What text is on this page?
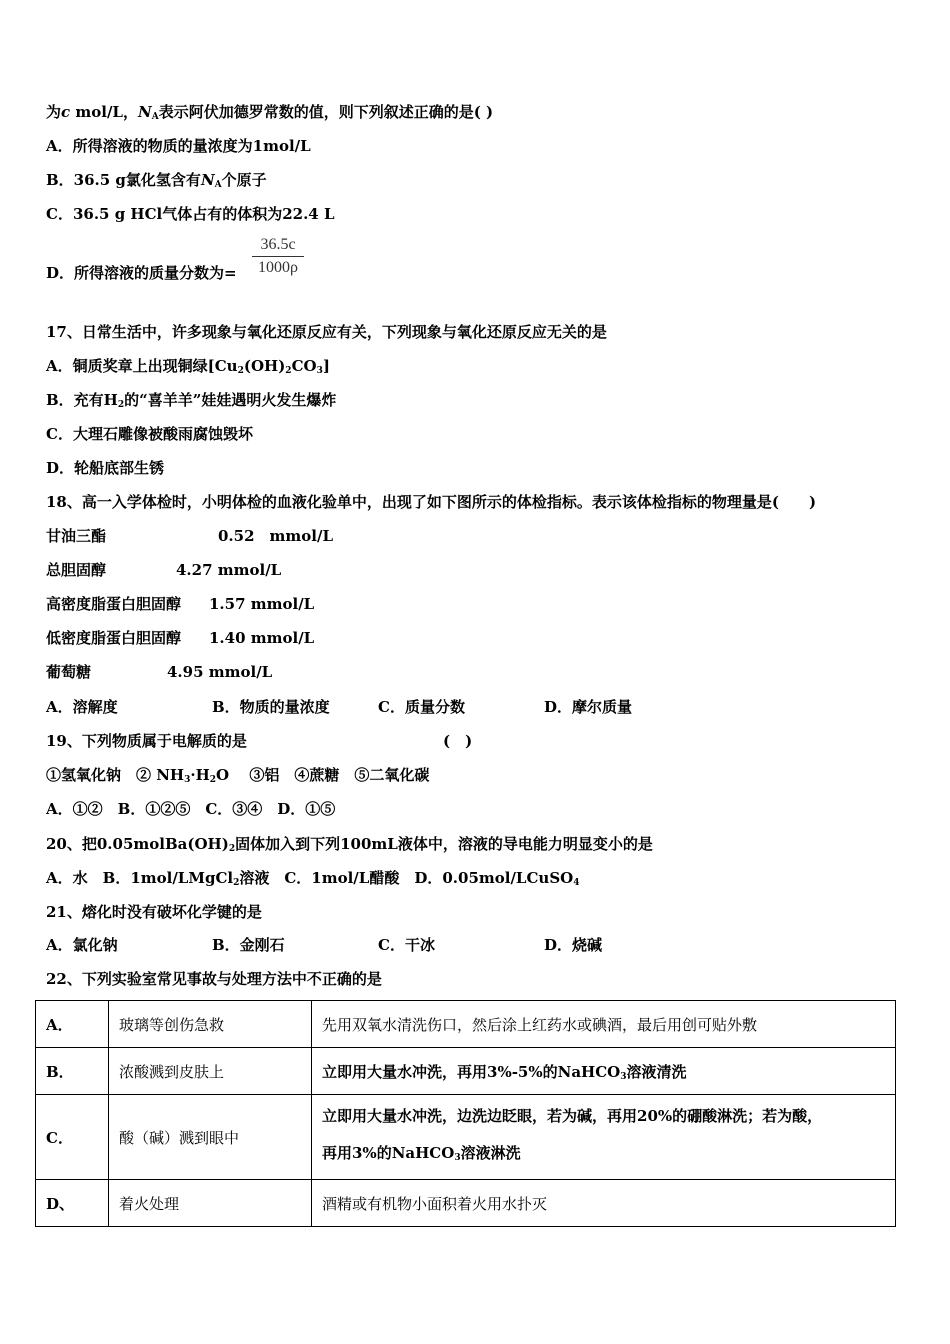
为c mol/L，$N_A$表示阿伏加德罗常数的值，则下列叙述正确的是( )
A．所得溶液的物质的量浓度为1mol/L
B．36.5 g氯化氢含有$N_A$个原子
C．36.5 g HCl气体占有的体积为22.4 L
D．所得溶液的质量分数为= $\frac{36.5c}{1000\rho}$
17、日常生活中，许多现象与氧化还原反应有关，下列现象与氧化还原反应无关的是
A．铜质奖章上出现铜绿$[Cu_2(OH)_2CO_3]$
B．充有$H_2$的“喜羊羊”娃娃遇明火发生爆炸
C．大理石雕像被酸雨腐蚀毁坏
D．轮船底部生锈
18、高一入学体检时，小明体检的血液化验单中，出现了如下图所示的体检指标。表示该体检指标的物理量是(　　)
甘油三酯	0.52　mmol/L
总胆固醇	4.27 mmol/L
高密度脂蛋白胆固醇 1.57 mmol/L
低密度脂蛋白胆固醇 1.40 mmol/L
葡萄糖	4.95 mmol/L
A．溶解度	B．物质的量浓度	C．质量分数	D．摩尔质量
19、下列物质属于电解质的是	(　)
①氢氧化钠　② $NH_3\cdot H_2O$　 ③铝　④蔗糖　⑤二氧化碳
A．①②　B．①②⑤　C．③④　D．①⑤
20、把$0.05molBa(OH)_2$固体加入到下列100mL液体中，溶液的导电能力明显变小的是
A．水　B．1mol/LMgCl$_2$溶液　C．1mol/L醋酸　D．0.05mol/LCuSO$_4$
21、熔化时没有破坏化学键的是
A．氯化钠	B．金刚石	C．干冰	D．烧碱
22、下列实验室常见事故与处理方法中不正确的是
A．	玻璃等创伤急救	先用双氧水清洗伤口，然后涂上红药水或碘酒，最后用创可贴外敷
B．	浓酸溅到皮肤上	立即用大量水冲洗，再用3%-5%的NaHCO$_3$溶液清洗
C．	酸（碱）溅到眼中	立即用大量水冲洗，边洗边眨眼，若为碱，再用20%的硼酸淋洗；若为酸，
再用3%的NaHCO$_3$溶液淋洗
D、	着火处理	酒精或有机物小面积着火用水扑灭
